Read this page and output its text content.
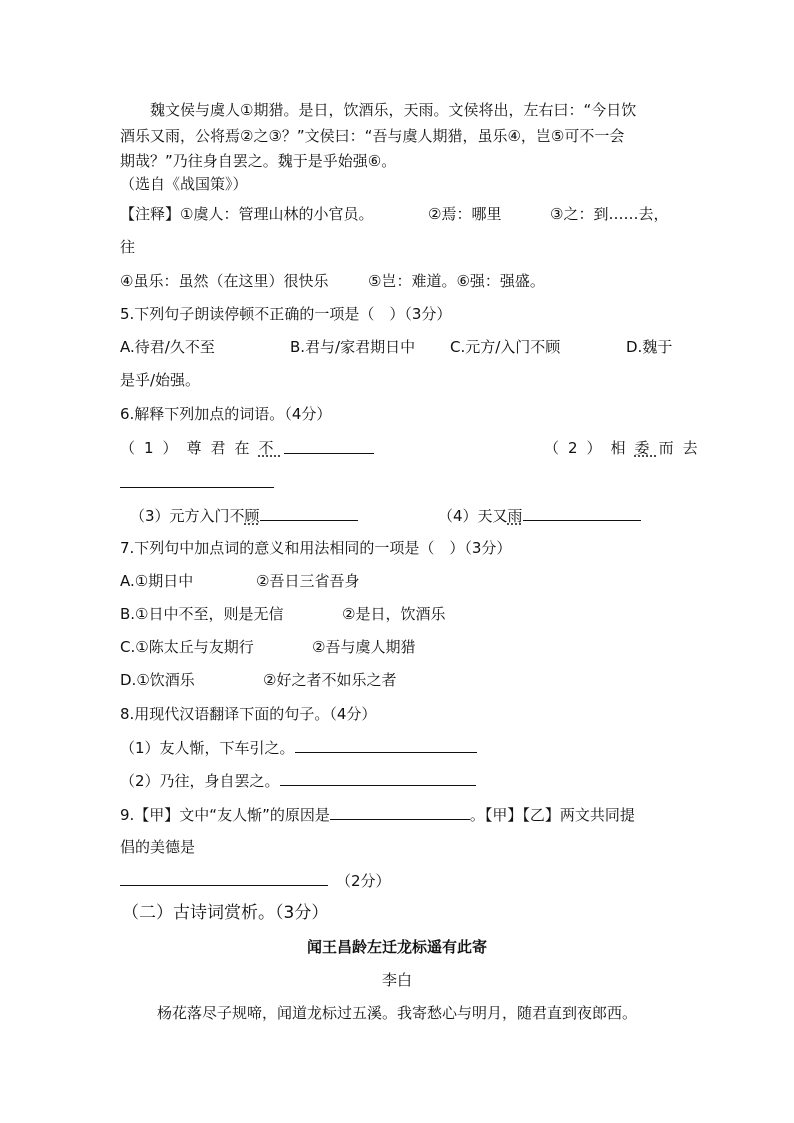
魏文侯与虞人①期猎。是日，饮酒乐，天雨。文侯将出，左右曰：“今日饮
酒乐又雨，公将焉②之③？”文侯曰：“吾与虞人期猎，虽乐④，岂⑤可不一会
期哉？”乃往身自罢之。魏于是乎始强⑥。
（选自《战国策》）
【注释】①虞人：管理山林的小官员。	②焉：哪里	③之：到……去，
往
④虽乐：虽然（在这里）很快乐	⑤岂：难道。⑥强：强盛。
5.下列句子朗读停顿不正确的一项是（　）（3分）
A.待君/久不至	B.君与/家君期日中 C.元方/入门不顾	D.魏于
是乎/始强。
6.解释下列加点的词语。（4分）
（1）尊君在不	（2）相委而去
（3）元方入门不顾	（4）天又雨
7.下列句中加点词的意义和用法相同的一项是（　）（3分）
A.①期日中	②吾日三省吾身
B.①日中不至，则是无信	②是日，饮酒乐
C.①陈太丘与友期行	②吾与虞人期猎
D.①饮酒乐	②好之者不如乐之者
8.用现代汉语翻译下面的句子。（4分）
（1）友人惭，下车引之。
（2）乃往，身自罢之。
9.【甲】文中“友人惭”的原因是	。【甲】【乙】两文共同提
倡的美德是
（2分）
（二）古诗词赏析。（3分）
闻王昌龄左迁龙标遥有此寄
李白
杨花落尽子规啼，闻道龙标过五溪。我寄愁心与明月，随君直到夜郎西。
